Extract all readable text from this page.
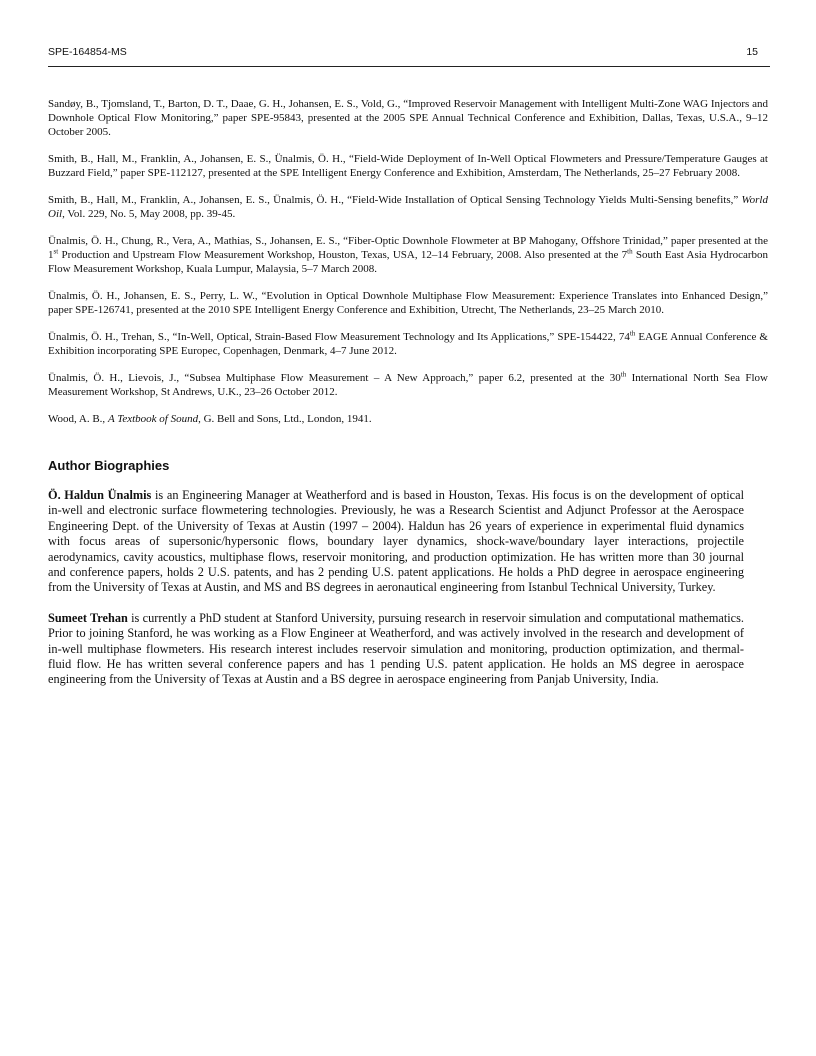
SPE-164854-MS	15

Sandøy, B., Tjomsland, T., Barton, D. T., Daae, G. H., Johansen, E. S., Vold, G., “Improved Reservoir Management with Intelligent Multi-Zone WAG Injectors and Downhole Optical Flow Monitoring,” paper SPE-95843, presented at the 2005 SPE Annual Technical Conference and Exhibition, Dallas, Texas, U.S.A., 9–12 October 2005.

Smith, B., Hall, M., Franklin, A., Johansen, E. S., Ünalmis, Ö. H., “Field-Wide Deployment of In-Well Optical Flowmeters and Pressure/Temperature Gauges at Buzzard Field,” paper SPE-112127, presented at the SPE Intelligent Energy Conference and Exhibition, Amsterdam, The Netherlands, 25–27 February 2008.

Smith, B., Hall, M., Franklin, A., Johansen, E. S., Ünalmis, Ö. H., “Field-Wide Installation of Optical Sensing Technology Yields Multi-Sensing benefits,” World Oil, Vol. 229, No. 5, May 2008, pp. 39-45.

Ünalmis, Ö. H., Chung, R., Vera, A., Mathias, S., Johansen, E. S., “Fiber-Optic Downhole Flowmeter at BP Mahogany, Offshore Trinidad,” paper presented at the 1st Production and Upstream Flow Measurement Workshop, Houston, Texas, USA, 12–14 February, 2008. Also presented at the 7th South East Asia Hydrocarbon Flow Measurement Workshop, Kuala Lumpur, Malaysia, 5–7 March 2008.

Ünalmis, Ö. H., Johansen, E. S., Perry, L. W., “Evolution in Optical Downhole Multiphase Flow Measurement: Experience Translates into Enhanced Design,” paper SPE-126741, presented at the 2010 SPE Intelligent Energy Conference and Exhibition, Utrecht, The Netherlands, 23–25 March 2010.

Ünalmis, Ö. H., Trehan, S., “In-Well, Optical, Strain-Based Flow Measurement Technology and Its Applications,” SPE-154422, 74th EAGE Annual Conference & Exhibition incorporating SPE Europec, Copenhagen, Denmark, 4–7 June 2012.

Ünalmis, Ö. H., Lievois, J., “Subsea Multiphase Flow Measurement – A New Approach,” paper 6.2, presented at the 30th International North Sea Flow Measurement Workshop, St Andrews, U.K., 23–26 October 2012.

Wood, A. B., A Textbook of Sound, G. Bell and Sons, Ltd., London, 1941.

Author Biographies

Ö. Haldun Ünalmis is an Engineering Manager at Weatherford and is based in Houston, Texas. His focus is on the development of optical in-well and electronic surface flowmetering technologies. Previously, he was a Research Scientist and Adjunct Professor at the Aerospace Engineering Dept. of the University of Texas at Austin (1997 – 2004). Haldun has 26 years of experience in experimental fluid dynamics with focus areas of supersonic/hypersonic flows, boundary layer dynamics, shock-wave/boundary layer interactions, projectile aerodynamics, cavity acoustics, multiphase flows, reservoir monitoring, and production optimization. He has written more than 30 journal and conference papers, holds 2 U.S. patents, and has 2 pending U.S. patent applications. He holds a PhD degree in aerospace engineering from the University of Texas at Austin, and MS and BS degrees in aeronautical engineering from Istanbul Technical University, Turkey.

Sumeet Trehan is currently a PhD student at Stanford University, pursuing research in reservoir simulation and computational mathematics. Prior to joining Stanford, he was working as a Flow Engineer at Weatherford, and was actively involved in the research and development of in-well multiphase flowmeters. His research interest includes reservoir simulation and monitoring, production optimization, and thermal-fluid flow. He has written several conference papers and has 1 pending U.S. patent application. He holds an MS degree in aerospace engineering from the University of Texas at Austin and a BS degree in aerospace engineering from Panjab University, India.
